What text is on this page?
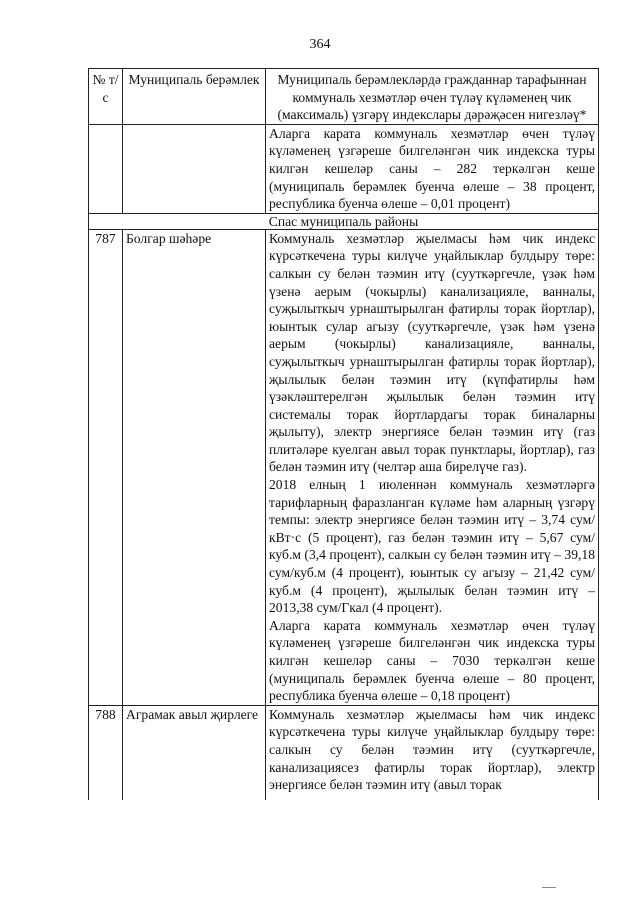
364
№ т/с	Муниципаль берәмлек	Муниципаль берәмлекләрдә гражданнар тарафыннан коммуналь хезмәтләр өчен түләү күләменең чик (максималь) үзгәрү индекслары дәрәҗәсен нигезләү*

		Аларга карата коммуналь хезмәтләр өчен түләү күләменең үзгәреше билгеләнгән чик индекска туры килгән кешеләр саны – 282 теркәлгән кеше (муниципаль берәмлек буенча өлеше – 38 процент, республика буенча өлеше – 0,01 процент)

Спас муниципаль районы		
787	Болгар шәһәре	Коммуналь хезмәтләр җыелмасы һәм чик индекс күрсәткечена туры килүче уңайлыклар булдыру төре: салкын су белән тәэмин итү (сууткәргечле, үзәк һәм үзенә аерым (чокырлы) канализацияле, ванналы, суҗылыткыч урнаштырылган фатирлы торак йортлар), юынтык сулар агызу (сууткәргечле, үзәк һәм үзенә аерым (чокырлы) канализацияле, ванналы, суҗылыткыч урнаштырылган фатирлы торак йортлар), җылылык белән тәэмин итү (күпфатирлы һәм үзәкләштерелгән җылылык белән тәэмин итү системалы торак йортлардагы торак биналарны җылыту), электр энергиясе белән тәэмин итү (газ плитәләре куелган авыл торак пунктлары, йортлар), газ белән тәэмин итү (челтәр аша бирелүче газ).

2018 елның 1 июленнән коммуналь хезмәтләргә тарифларның фаразланган күләме һәм аларның үзгәрү темпы: электр энергиясе белән тәэмин итү – 3,74 сум/кВт·с (5 процент), газ белән тәэмин итү – 5,67 сум/куб.м (3,4 процент), салкын су белән тәэмин итү – 39,18 сум/куб.м (4 процент), юынтык су агызу – 21,42 сум/куб.м (4 процент), җылылык белән тәэмин итү – 2013,38 сум/Гкал (4 процент).

Аларга карата коммуналь хезмәтләр өчен түләү күләменең үзгәреше билгеләнгән чик индекска туры килгән кешеләр саны – 7030 теркәлгән кеше (муниципаль берәмлек буенча өлеше – 80 процент, республика буенча өлеше – 0,18 процент)

788	Аграмак авыл җирлеге	Коммуналь хезмәтләр җыелмасы һәм чик индекс күрсәткечена туры килүче уңайлыклар булдыру төре: салкын су белән тәэмин итү (сууткәргечле, канализациясез фатирлы торак йортлар), электр энергиясе белән тәэмин итү (авыл торак
